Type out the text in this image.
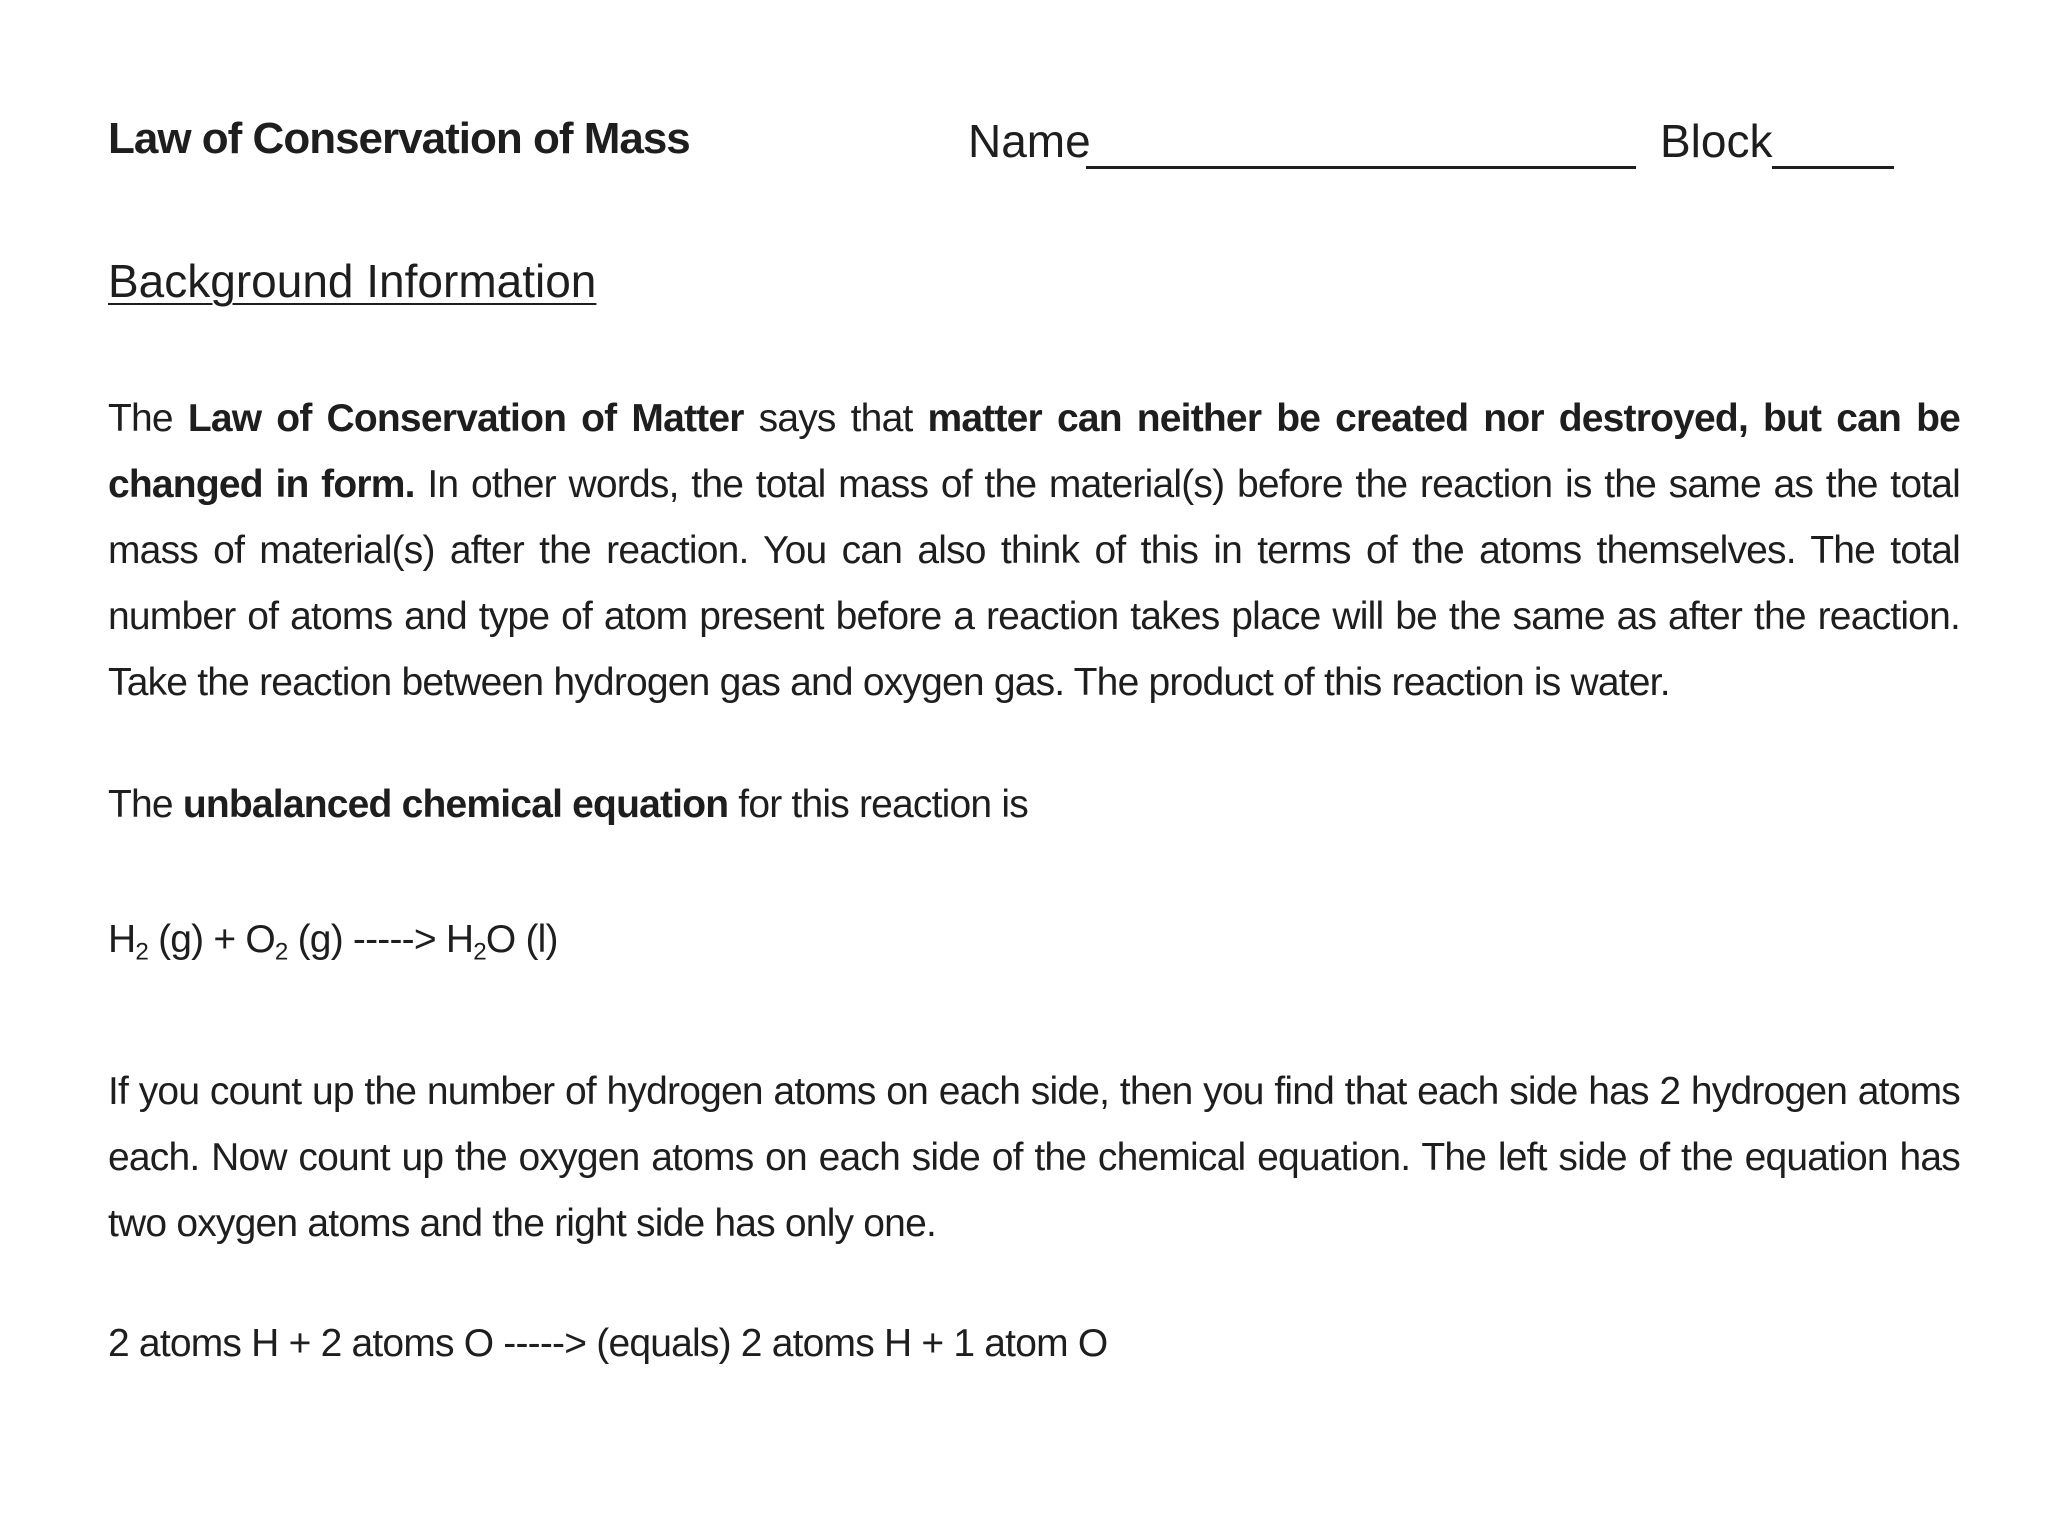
Law of Conservation of Mass	Name	Block
Background Information
The Law of Conservation of Matter says that matter can neither be created nor destroyed, but can be changed in form. In other words, the total mass of the material(s) before the reaction is the same as the total mass of material(s) after the reaction. You can also think of this in terms of the atoms themselves. The total number of atoms and type of atom present before a reaction takes place will be the same as after the reaction. Take the reaction between hydrogen gas and oxygen gas. The product of this reaction is water.
The unbalanced chemical equation for this reaction is
$H_2$ $(g) + O_2$ (g) -----> $H_2O$ (l)
If you count up the number of hydrogen atoms on each side, then you find that each side has 2 hydrogen atoms each. Now count up the oxygen atoms on each side of the chemical equation. The left side of the equation has two oxygen atoms and the right side has only one.
2 atoms H + 2 atoms O -----> (equals) 2 atoms H + 1 atom O
